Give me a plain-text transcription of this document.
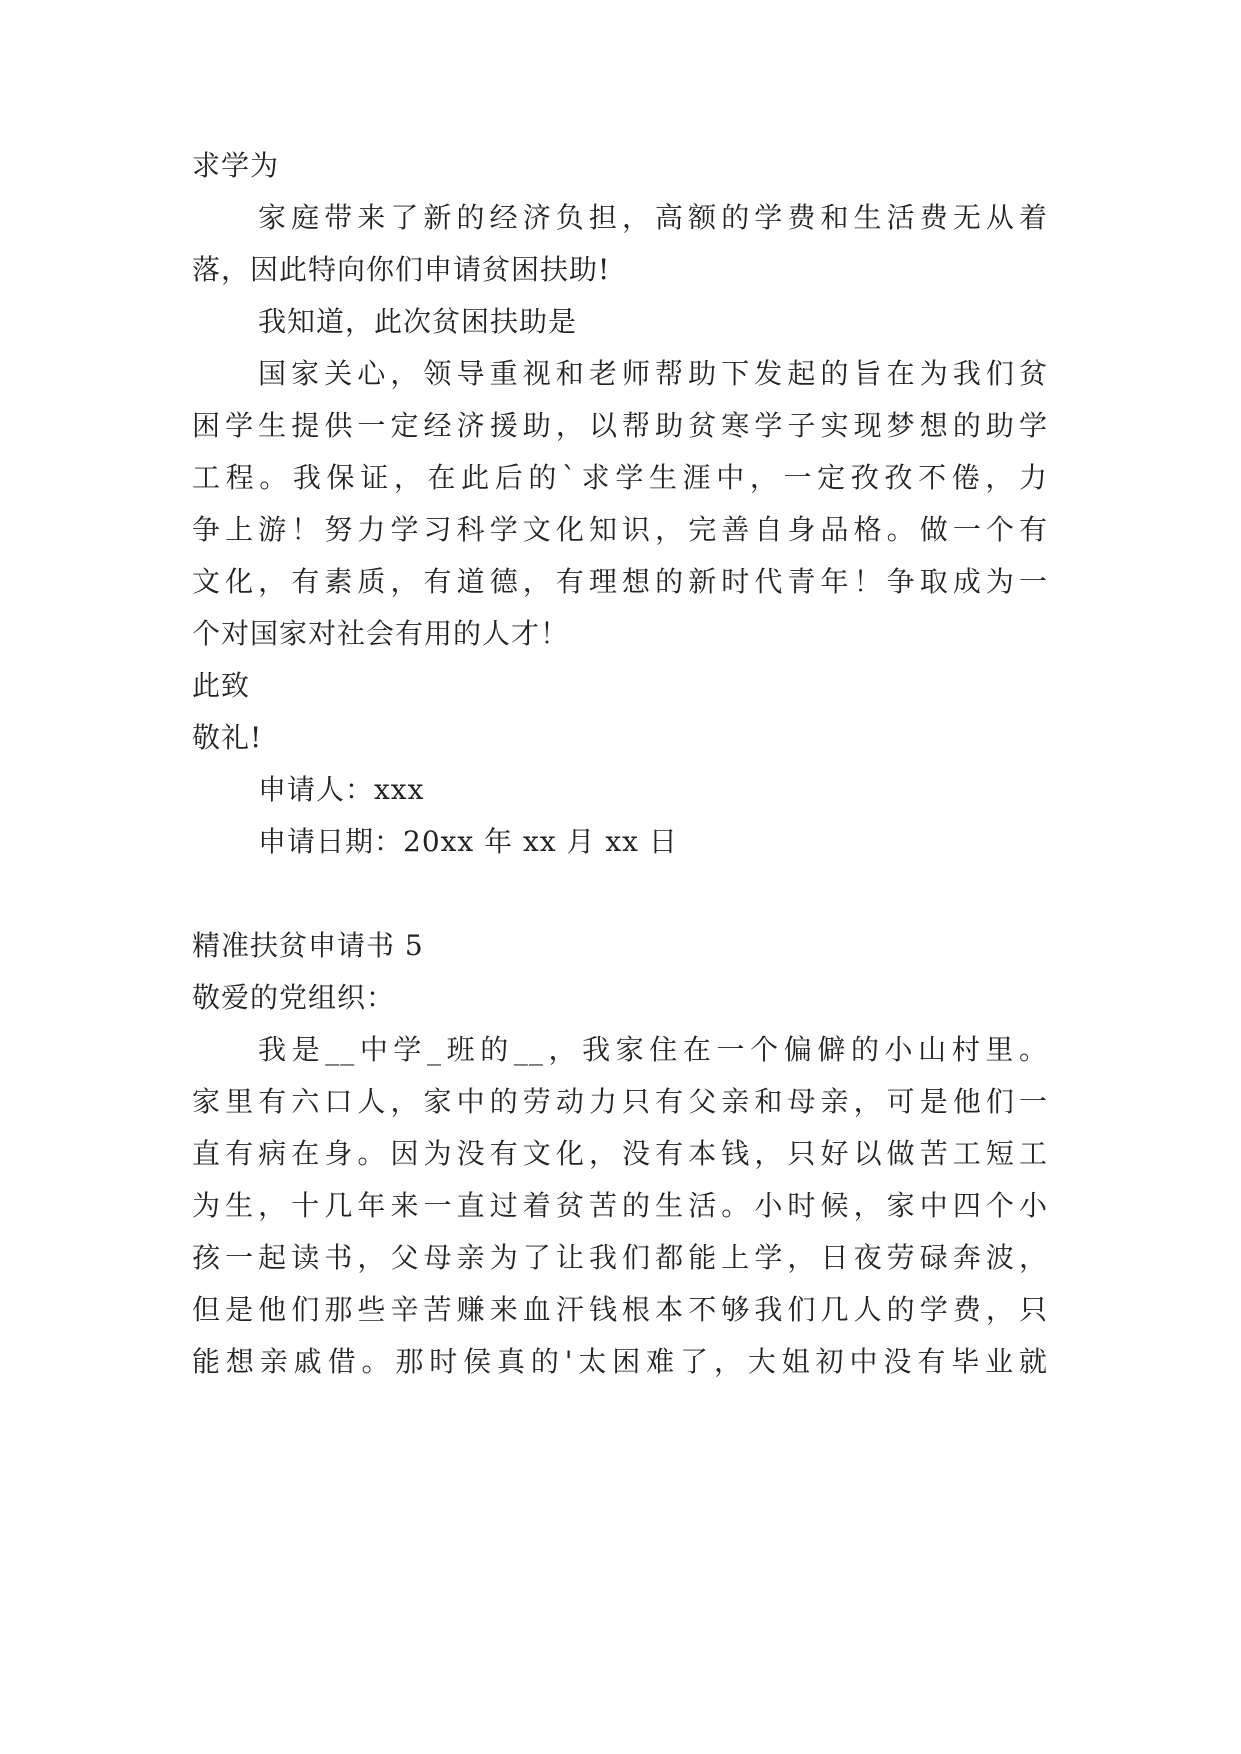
求学为
家庭带来了新的经济负担，高额的学费和生活费无从着
落，因此特向你们申请贫困扶助!
我知道，此次贫困扶助是
国家关心，领导重视和老师帮助下发起的旨在为我们贫
困学生提供一定经济援助，以帮助贫寒学子实现梦想的助学
工程。我保证，在此后的`求学生涯中，一定孜孜不倦，力
争上游！努力学习科学文化知识，完善自身品格。做一个有
文化，有素质，有道德，有理想的新时代青年！争取成为一
个对国家对社会有用的人才！
此致
敬礼!
申请人：xxx
申请日期：20xx 年 xx 月 xx 日
精准扶贫申请书 5
敬爱的党组织：
我是__中学_班的__，我家住在一个偏僻的小山村里。
家里有六口人，家中的劳动力只有父亲和母亲，可是他们一
直有病在身。因为没有文化，没有本钱，只好以做苦工短工
为生，十几年来一直过着贫苦的生活。小时候，家中四个小
孩一起读书，父母亲为了让我们都能上学，日夜劳碌奔波，
但是他们那些辛苦赚来血汗钱根本不够我们几人的学费，只
能想亲戚借。那时侯真的'太困难了，大姐初中没有毕业就
